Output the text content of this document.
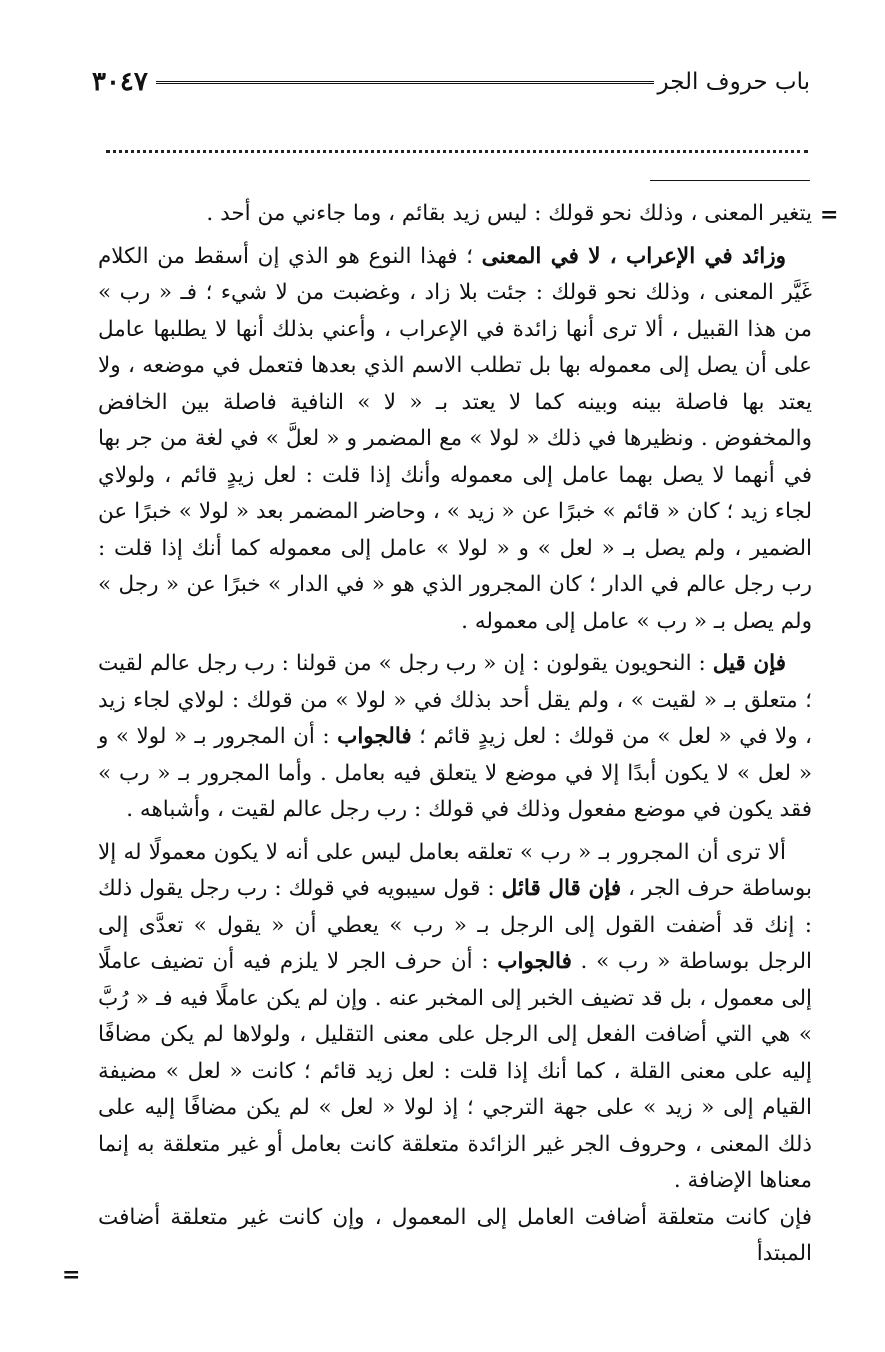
باب حروف الجر
٣٠٤٧
=
=

يتغير المعنى ، وذلك نحو قولك : ليس زيد بقائم ، وما جاءني من أحد .

وزائد في الإعراب ، لا في المعنى ؛ فهذا النوع هو الذي إن أسقط من الكلام غَيَّر المعنى ، وذلك نحو قولك : جئت بلا زاد ، وغضبت من لا شيء ؛ فـ « رب » من هذا القبيل ، ألا ترى أنها زائدة في الإعراب ، وأعني بذلك أنها لا يطلبها عامل على أن يصل إلى معموله بها بل تطلب الاسم الذي بعدها فتعمل في موضعه ، ولا يعتد بها فاصلة بينه وبينه كما لا يعتد بـ « لا » النافية فاصلة بين الخافض والمخفوض . ونظيرها في ذلك « لولا » مع المضمر و « لعلَّ » في لغة من جر بها في أنهما لا يصل بهما عامل إلى معموله وأنك إذا قلت : لعل زيدٍ قائم ، ولولاي لجاء زيد ؛ كان « قائم » خبرًا عن « زيد » ، وحاضر المضمر بعد « لولا » خبرًا عن الضمير ، ولم يصل بـ « لعل » و « لولا » عامل إلى معموله كما أنك إذا قلت : رب رجل عالم في الدار ؛ كان المجرور الذي هو « في الدار » خبرًا عن « رجل » ولم يصل بـ « رب » عامل إلى معموله .

فإن قيل : النحويون يقولون : إن « رب رجل » من قولنا : رب رجل عالم لقيت ؛ متعلق بـ « لقيت » ، ولم يقل أحد بذلك في « لولا » من قولك : لولاي لجاء زيد ، ولا في « لعل » من قولك : لعل زيدٍ قائم ؛ فالجواب : أن المجرور بـ « لولا » و « لعل » لا يكون أبدًا إلا في موضع لا يتعلق فيه بعامل . وأما المجرور بـ « رب » فقد يكون في موضع مفعول وذلك في قولك : رب رجل عالم لقيت ، وأشباهه .

ألا ترى أن المجرور بـ « رب » تعلقه بعامل ليس على أنه لا يكون معمولًا له إلا بوساطة حرف الجر ، فإن قال قائل : قول سيبويه في قولك : رب رجل يقول ذلك : إنك قد أضفت القول إلى الرجل بـ « رب » يعطي أن « يقول » تعدَّى إلى الرجل بوساطة « رب » . فالجواب : أن حرف الجر لا يلزم فيه أن تضيف عاملًا إلى معمول ، بل قد تضيف الخبر إلى المخبر عنه . وإن لم يكن عاملًا فيه فـ « رُبَّ » هي التي أضافت الفعل إلى الرجل على معنى التقليل ، ولولاها لم يكن مضافًا إليه على معنى القلة ، كما أنك إذا قلت : لعل زيد قائم ؛ كانت « لعل » مضيفة القيام إلى « زيد » على جهة الترجي ؛ إذ لولا « لعل » لم يكن مضافًا إليه على ذلك المعنى ، وحروف الجر غير الزائدة متعلقة كانت بعامل أو غير متعلقة به إنما معناها الإضافة .

فإن كانت متعلقة أضافت العامل إلى المعمول ، وإن كانت غير متعلقة أضافت المبتدأ
